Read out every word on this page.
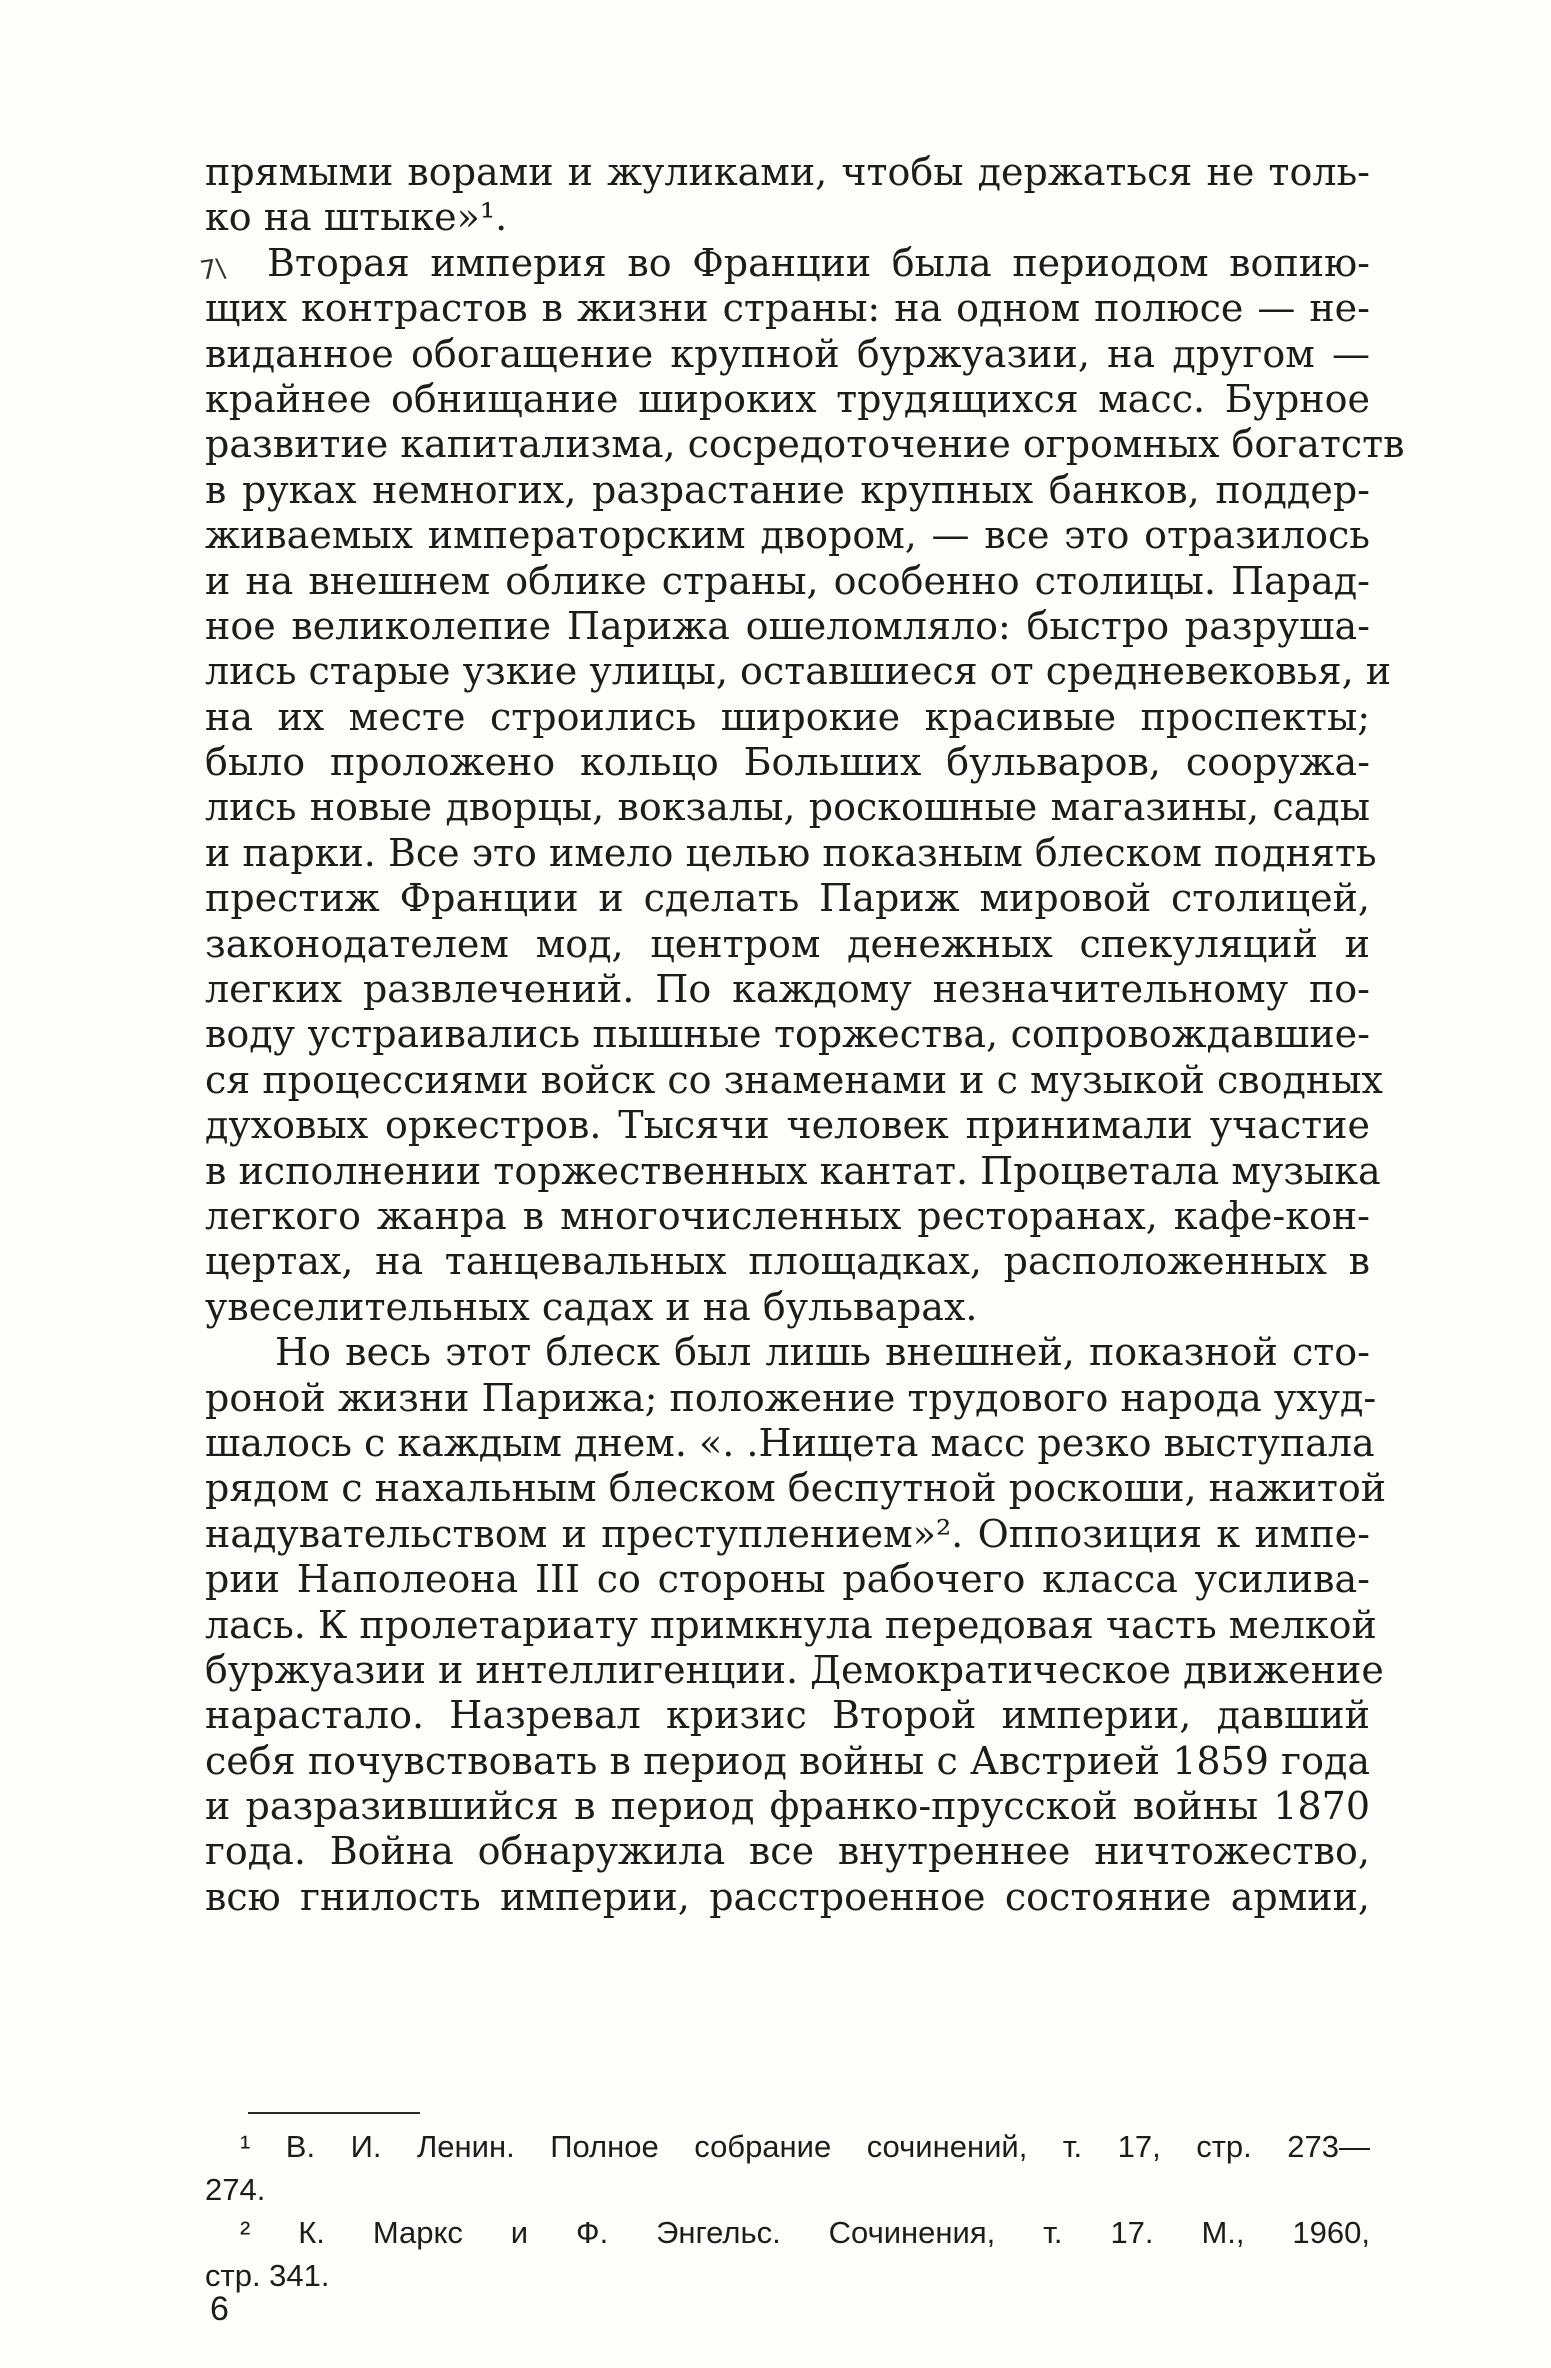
7\
прямыми ворами и жуликами, чтобы держаться не толь-
ко на штыке»¹.
Вторая империя во Франции была периодом вопию-
щих контрастов в жизни страны: на одном полюсе — не-
виданное обогащение крупной буржуазии, на другом —
крайнее обнищание широких трудящихся масс. Бурное
развитие капитализма, сосредоточение огромных богатств
в руках немногих, разрастание крупных банков, поддер-
живаемых императорским двором, — все это отразилось
и на внешнем облике страны, особенно столицы. Парад-
ное великолепие Парижа ошеломляло: быстро разруша-
лись старые узкие улицы, оставшиеся от средневековья, и
на их месте строились широкие красивые проспекты;
было проложено кольцо Больших бульваров, сооружа-
лись новые дворцы, вокзалы, роскошные магазины, сады
и парки. Все это имело целью показным блеском поднять
престиж Франции и сделать Париж мировой столицей,
законодателем мод, центром денежных спекуляций и
легких развлечений. По каждому незначительному по-
воду устраивались пышные торжества, сопровождавшие-
ся процессиями войск со знаменами и с музыкой сводных
духовых оркестров. Тысячи человек принимали участие
в исполнении торжественных кантат. Процветала музыка
легкого жанра в многочисленных ресторанах, кафе-кон-
цертах, на танцевальных площадках, расположенных в
увеселительных садах и на бульварах.
Но весь этот блеск был лишь внешней, показной сто-
роной жизни Парижа; положение трудового народа ухуд-
шалось с каждым днем. «. .Нищета масс резко выступала
рядом с нахальным блеском беспутной роскоши, нажитой
надувательством и преступлением»². Оппозиция к импе-
рии Наполеона III со стороны рабочего класса усилива-
лась. К пролетариату примкнула передовая часть мелкой
буржуазии и интеллигенции. Демократическое движение
нарастало. Назревал кризис Второй империи, давший
себя почувствовать в период войны с Австрией 1859 года
и разразившийся в период франко-прусской войны 1870
года. Война обнаружила все внутреннее ничтожество,
всю гнилость империи, расстроенное состояние армии,
¹ В. И. Ленин. Полное собрание сочинений, т. 17, стр. 273—
274.
² К. Маркс и Ф. Энгельс. Сочинения, т. 17. М., 1960,
стр. 341.
6
